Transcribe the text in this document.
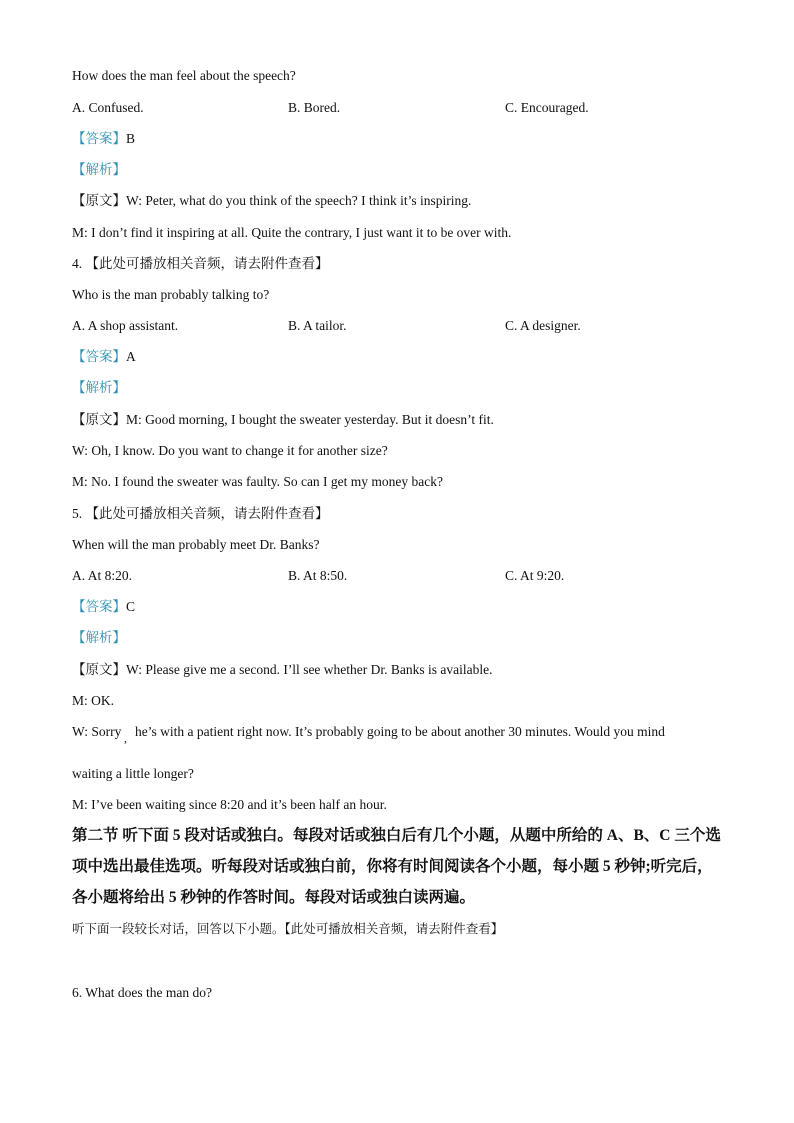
How does the man feel about the speech?
A. Confused.	B. Bored.	C. Encouraged.
【答案】B
【解析】
【原文】W: Peter, what do you think of the speech? I think it’s inspiring.
M: I don’t find it inspiring at all. Quite the contrary, I just want it to be over with.
4. 【此处可播放相关音频，请去附件查看】
Who is the man probably talking to?
A. A shop assistant.	B. A tailor.	C. A designer.
【答案】A
【解析】
【原文】M: Good morning, I bought the sweater yesterday. But it doesn’t fit.
W: Oh, I know. Do you want to change it for another size?
M: No. I found the sweater was faulty. So can I get my money back?
5. 【此处可播放相关音频，请去附件查看】
When will the man probably meet Dr. Banks?
A. At 8:20.	B. At 8:50.	C. At 9:20.
【答案】C
【解析】
【原文】W: Please give me a second. I’ll see whether Dr. Banks is available.
M: OK.
W: Sorry , he’s with a patient right now. It’s probably going to be about another 30 minutes. Would you mind
waiting a little longer?
M: I’ve been waiting since 8:20 and it’s been half an hour.
第二节 听下面 5 段对话或独白。每段对话或独白后有几个小题，从题中所给的 A、B、C 三个选项中选出最佳选项。听每段对话或独白前，你将有时间阅读各个小题，每小题 5 秒钟;听完后，各小题将给出 5 秒钟的作答时间。每段对话或独白读两遍。
听下面一段较长对话，回答以下小题。【此处可播放相关音频，请去附件查看】
6. What does the man do?
